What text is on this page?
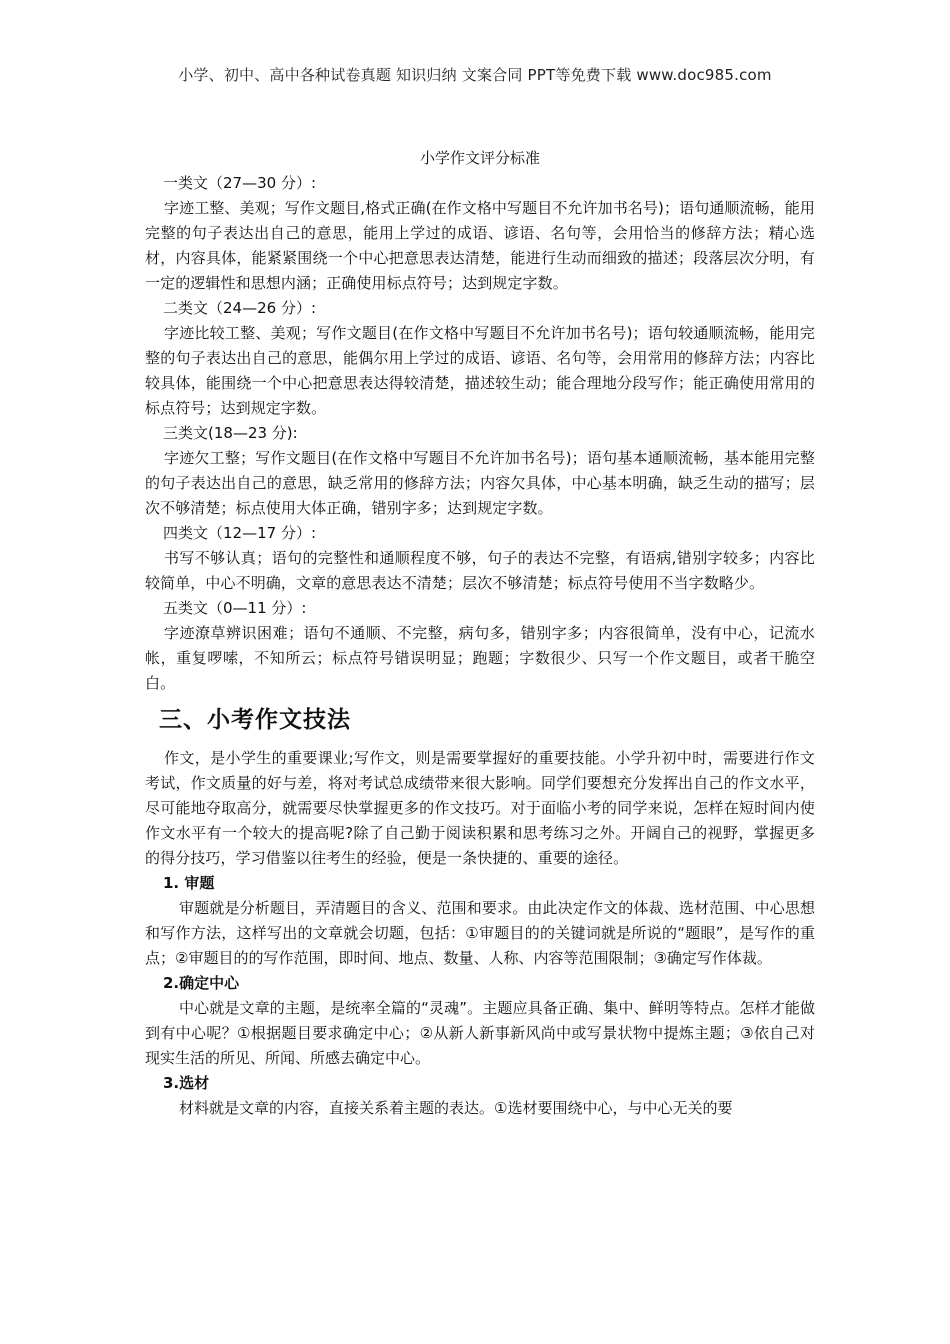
小学、初中、高中各种试卷真题 知识归纳 文案合同 PPT等免费下载 www.doc985.com
小学作文评分标准
一类文（27—30 分）:

字迹工整、美观；写作文题目,格式正确(在作文格中写题目不允许加书名号)；语句通顺流畅，能用完整的句子表达出自己的意思，能用上学过的成语、谚语、名句等，会用恰当的修辞方法；精心选材，内容具体，能紧紧围绕一个中心把意思表达清楚，能进行生动而细致的描述；段落层次分明，有一定的逻辑性和思想内涵；正确使用标点符号；达到规定字数。

二类文（24—26 分）:

字迹比较工整、美观；写作文题目(在作文格中写题目不允许加书名号)；语句较通顺流畅，能用完整的句子表达出自己的意思，能偶尔用上学过的成语、谚语、名句等，会用常用的修辞方法；内容比较具体，能围绕一个中心把意思表达得较清楚，描述较生动；能合理地分段写作；能正确使用常用的标点符号；达到规定字数。

三类文(18—23 分):

字迹欠工整；写作文题目(在作文格中写题目不允许加书名号)；语句基本通顺流畅，基本能用完整的句子表达出自己的意思，缺乏常用的修辞方法；内容欠具体，中心基本明确，缺乏生动的描写；层次不够清楚；标点使用大体正确，错别字多；达到规定字数。

四类文（12—17 分）:

书写不够认真；语句的完整性和通顺程度不够，句子的表达不完整，有语病,错别字较多；内容比较简单，中心不明确，文章的意思表达不清楚；层次不够清楚；标点符号使用不当字数略少。

五类文（0—11 分）:

字迹潦草辨识困难；语句不通顺、不完整，病句多，错别字多；内容很简单，没有中心，记流水帐，重复啰嗦，不知所云；标点符号错误明显；跑题；字数很少、只写一个作文题目，或者干脆空白。

三、小考作文技法

作文，是小学生的重要课业;写作文，则是需要掌握好的重要技能。小学升初中时，需要进行作文考试，作文质量的好与差，将对考试总成绩带来很大影响。同学们要想充分发挥出自己的作文水平，尽可能地夺取高分，就需要尽快掌握更多的作文技巧。对于面临小考的同学来说，怎样在短时间内使作文水平有一个较大的提高呢?除了自己勤于阅读积累和思考练习之外。开阔自己的视野，掌握更多的得分技巧，学习借鉴以往考生的经验，便是一条快捷的、重要的途径。

1. 审题

审题就是分析题目，弄清题目的含义、范围和要求。由此决定作文的体裁、选材范围、中心思想和写作方法，这样写出的文章就会切题，包括：①审题目的的关键词就是所说的“题眼”，是写作的重点；②审题目的的写作范围，即时间、地点、数量、人称、内容等范围限制；③确定写作体裁。

2.确定中心

中心就是文章的主题，是统率全篇的“灵魂”。主题应具备正确、集中、鲜明等特点。怎样才能做到有中心呢？①根据题目要求确定中心；②从新人新事新风尚中或写景状物中提炼主题；③依自己对现实生活的所见、所闻、所感去确定中心。

3.选材

材料就是文章的内容，直接关系着主题的表达。①选材要围绕中心，与中心无关的要
